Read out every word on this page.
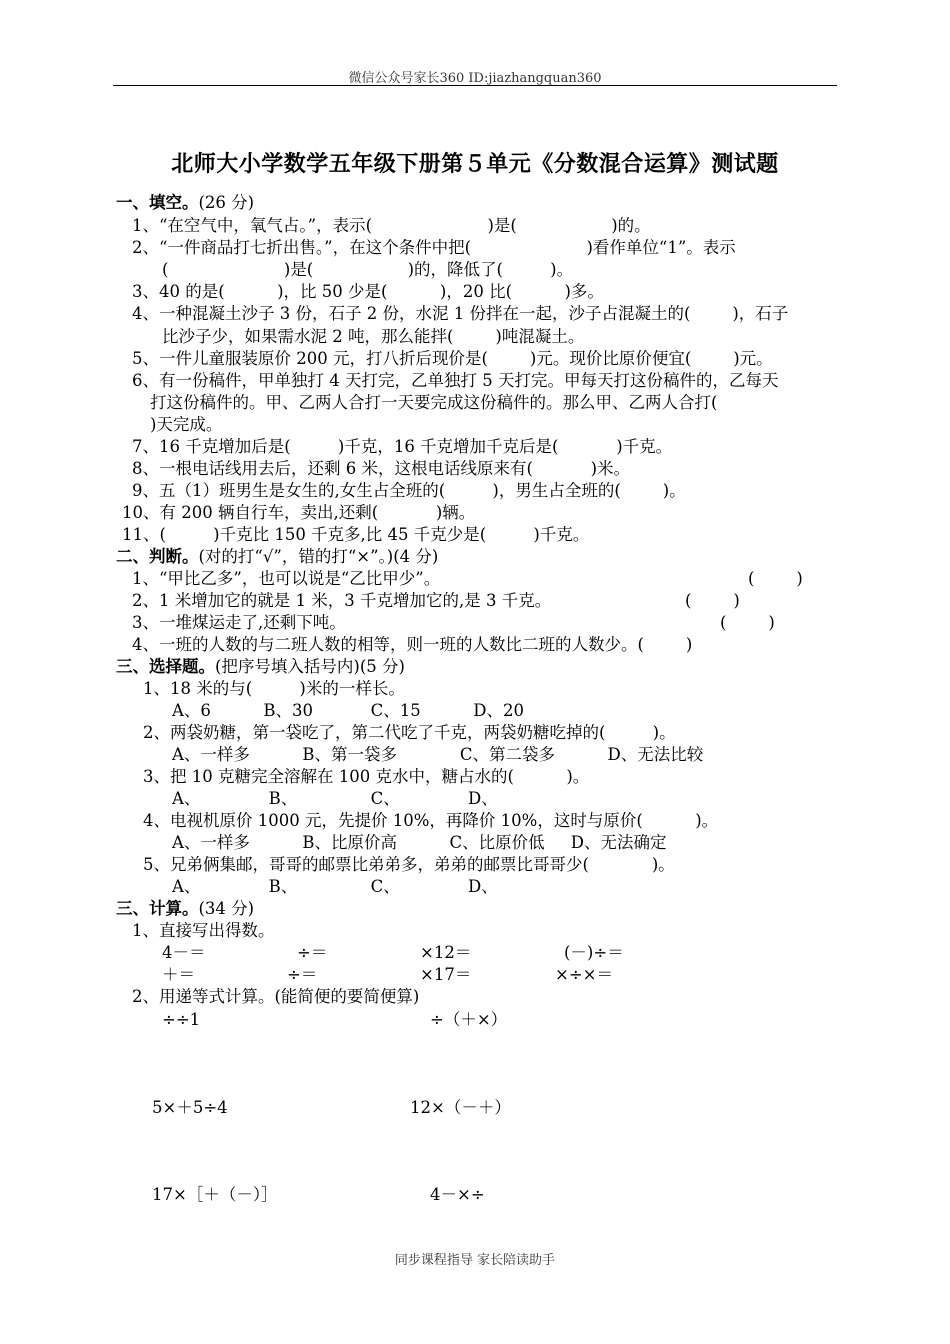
微信公众号家长360 ID:jiazhangquan360
北师大小学数学五年级下册第５单元《分数混合运算》测试题
一、填空。(26 分)
1、“在空气中，氧气占。”，表示(                      )是(                  )的。
2、“一件商品打七折出售。”，在这个条件中把(                      )看作单位“1”。表示
(                      )是(                  )的，降低了(         )。
3、40 的是(          )，比 50 少是(          )，20 比(          )多。
4、一种混凝土沙子 3 份，石子 2 份，水泥 1 份拌在一起，沙子占混凝土的(        )，石子
比沙子少，如果需水泥 2 吨，那么能拌(        )吨混凝土。
5、一件儿童服装原价 200 元，打八折后现价是(        )元。现价比原价便宜(        )元。
6、有一份稿件，甲单独打 4 天打完，乙单独打 5 天打完。甲每天打这份稿件的，乙每天
打这份稿件的。甲、乙两人合打一天要完成这份稿件的。那么甲、乙两人合打(
)天完成。
7、16 千克增加后是(         )千克，16 千克增加千克后是(           )千克。
8、一根电话线用去后，还剩 6 米，这根电话线原来有(           )米。
9、五（1）班男生是女生的,女生占全班的(         )，男生占全班的(        )。
10、有 200 辆自行车，卖出,还剩(           )辆。
11、(         )千克比 150 千克多,比 45 千克少是(         )千克。
二、判断。(对的打“√”，错的打“×”。)(4 分)
1、“甲比乙多”，也可以说是“乙比甲少”。	(        )
2、1 米增加它的就是 1 米，3 千克增加它的,是 3 千克。	(        )
3、一堆煤运走了,还剩下吨。	(        )
4、一班的人数的与二班人数的相等，则一班的人数比二班的人数少。(        )
三、选择题。(把序号填入括号内)(5 分)
1、18 米的与(         )米的一样长。
A、6          B、30           C、15          D、20
2、两袋奶糖，第一袋吃了，第二代吃了千克，两袋奶糖吃掉的(         )。
A、一样多          B、第一袋多            C、第二袋多          D、无法比较
3、把 10 克糖完全溶解在 100 克水中，糖占水的(          )。
A、             B、              C、             D、
4、电视机原价 1000 元，先提价 10%，再降价 10%，这时与原价(          )。
A、一样多          B、比原价高          C、比原价低     D、无法确定
5、兄弟俩集邮，哥哥的邮票比弟弟多，弟弟的邮票比哥哥少(            )。
A、             B、              C、             D、
三、计算。(34 分)
1、直接写出得数。
4－＝	÷＝	×12＝	(－)÷＝
＋＝	÷＝	×17＝	×÷×＝
2、用递等式计算。(能简便的要简便算)
÷÷1	÷（＋×）
5×＋5÷4	12×（－＋）
17×［＋（－）］	4－×÷
同步课程指导 家长陪读助手
